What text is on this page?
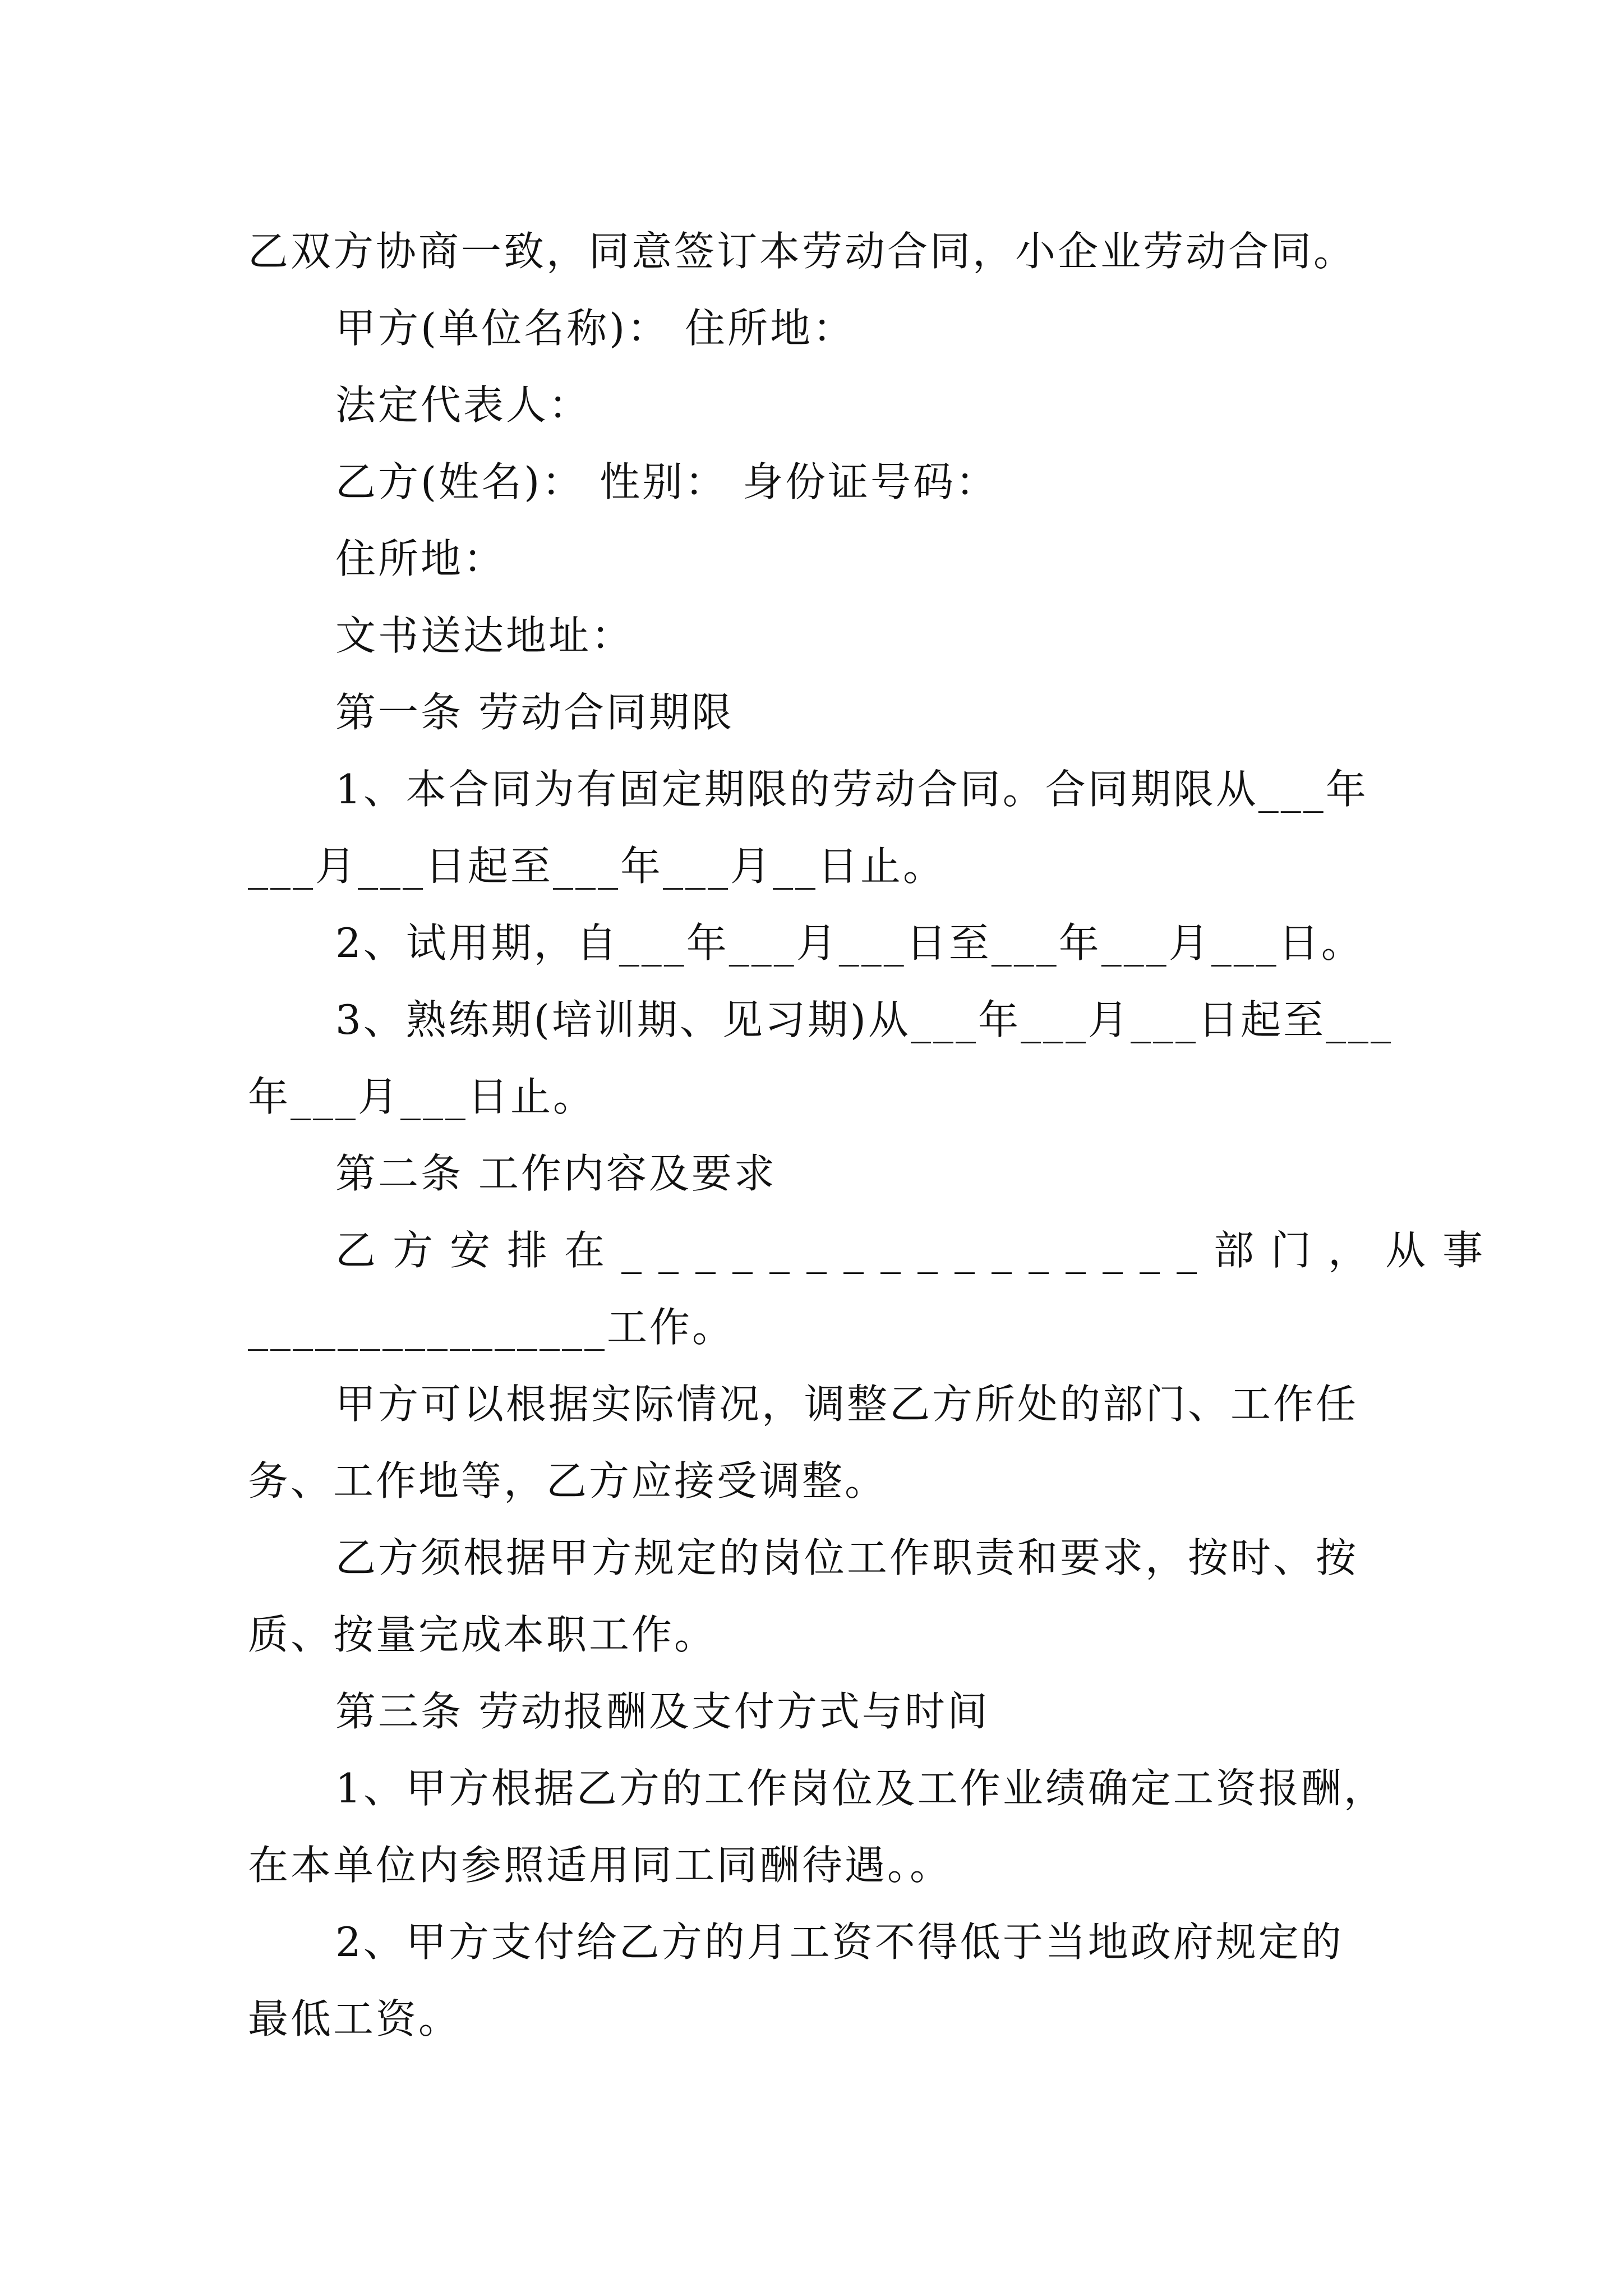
乙双方协商一致，同意签订本劳动合同，小企业劳动合同。
甲方(单位名称)： 住所地：
法定代表人：
乙方(姓名)： 性别： 身份证号码：
住所地：
文书送达地址：
第一条 劳动合同期限
1、本合同为有固定期限的劳动合同。合同期限从___年
___月___日起至___年___月__日止。
2、试用期，自___年___月___日至___年___月___日。
3、熟练期(培训期、见习期)从___年___月___日起至___
年___月___日止。
第二条 工作内容及要求
乙方安排在________________部门，从事
________________工作。
甲方可以根据实际情况，调整乙方所处的部门、工作任
务、工作地等，乙方应接受调整。
乙方须根据甲方规定的岗位工作职责和要求，按时、按
质、按量完成本职工作。
第三条 劳动报酬及支付方式与时间
1、甲方根据乙方的工作岗位及工作业绩确定工资报酬，
在本单位内参照适用同工同酬待遇。。
2、甲方支付给乙方的月工资不得低于当地政府规定的
最低工资。
